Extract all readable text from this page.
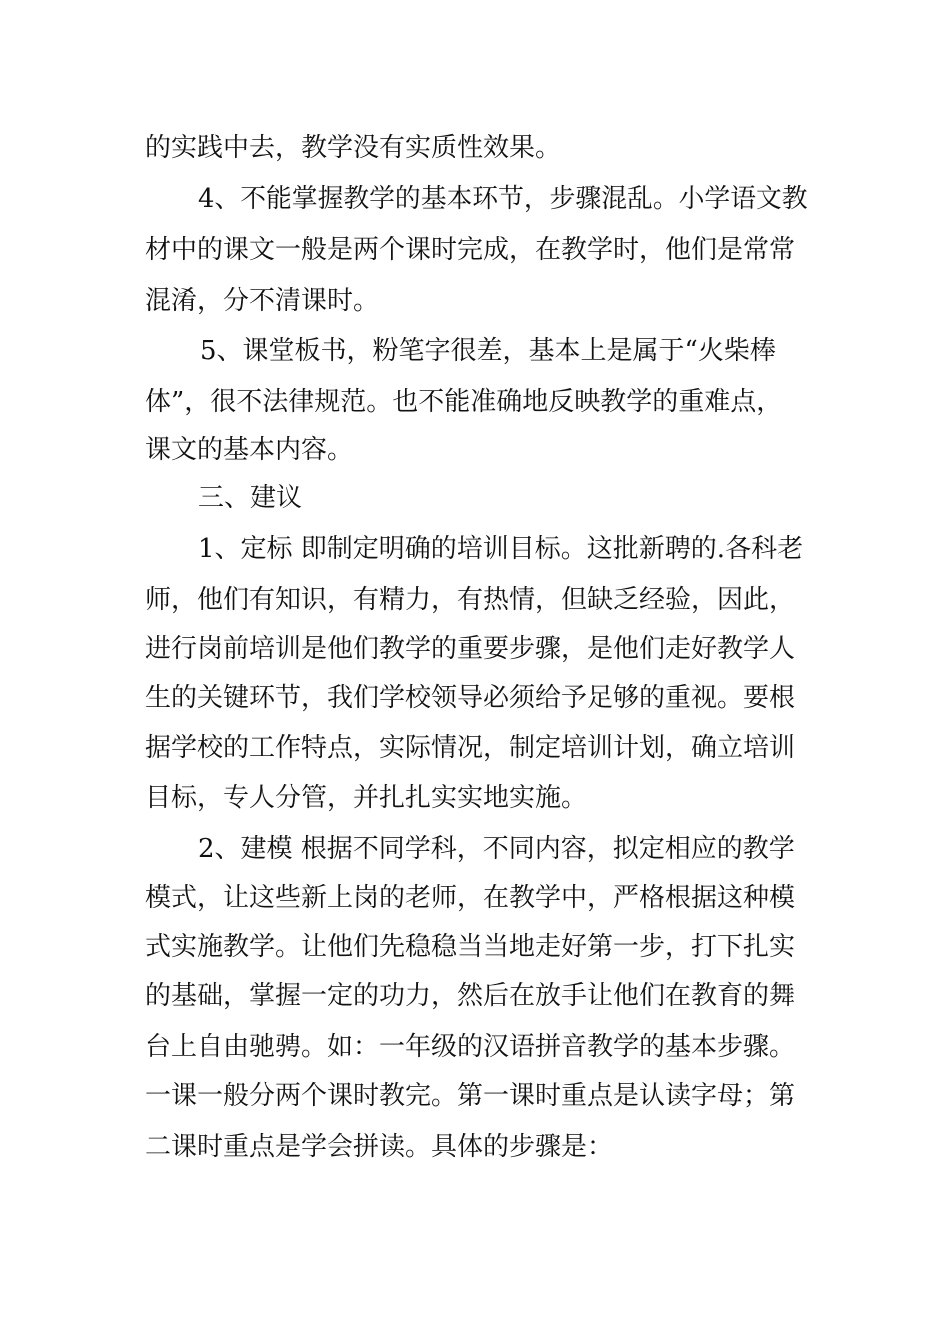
的实践中去，教学没有实质性效果。
4、不能掌握教学的基本环节，步骤混乱。小学语文教
材中的课文一般是两个课时完成，在教学时，他们是常常
混淆，分不清课时。
5、课堂板书，粉笔字很差，基本上是属于“火柴棒
体”，很不法律规范。也不能准确地反映教学的重难点，
课文的基本内容。
三、建议
1、定标 即制定明确的培训目标。这批新聘的.各科老
师，他们有知识，有精力，有热情，但缺乏经验，因此，
进行岗前培训是他们教学的重要步骤，是他们走好教学人
生的关键环节，我们学校领导必须给予足够的重视。要根
据学校的工作特点，实际情况，制定培训计划，确立培训
目标，专人分管，并扎扎实实地实施。
2、建模 根据不同学科，不同内容，拟定相应的教学
模式，让这些新上岗的老师，在教学中，严格根据这种模
式实施教学。让他们先稳稳当当地走好第一步，打下扎实
的基础，掌握一定的功力，然后在放手让他们在教育的舞
台上自由驰骋。如：一年级的汉语拼音教学的基本步骤。
一课一般分两个课时教完。第一课时重点是认读字母；第
二课时重点是学会拼读。具体的步骤是：
